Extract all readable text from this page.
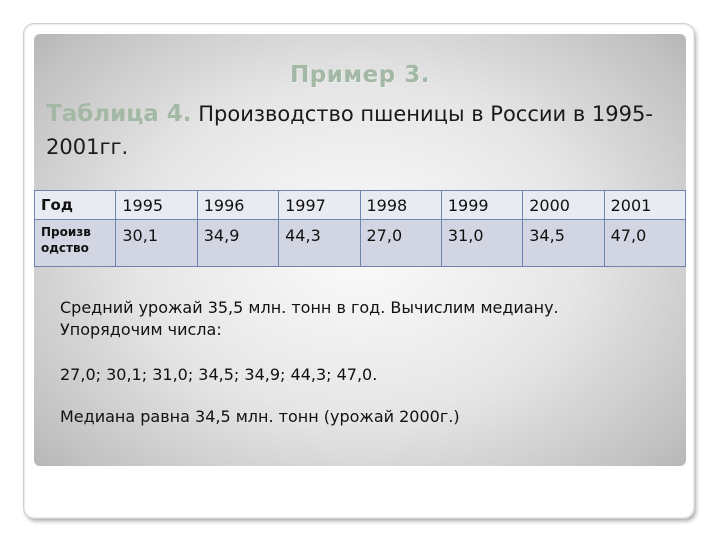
Пример 3.
Таблица 4. Производство пшеницы в России в 1995-2001гг.
Год	1995	1996	1997	1998	1999	2000	2001
Произв одство	30,1	34,9	44,3	27,0	31,0	34,5	47,0
Средний урожай 35,5 млн. тонн в год. Вычислим медиану.
Упорядочим числа:
27,0; 30,1; 31,0; 34,5; 34,9; 44,3; 47,0.
Медиана равна 34,5 млн. тонн (урожай 2000г.)
